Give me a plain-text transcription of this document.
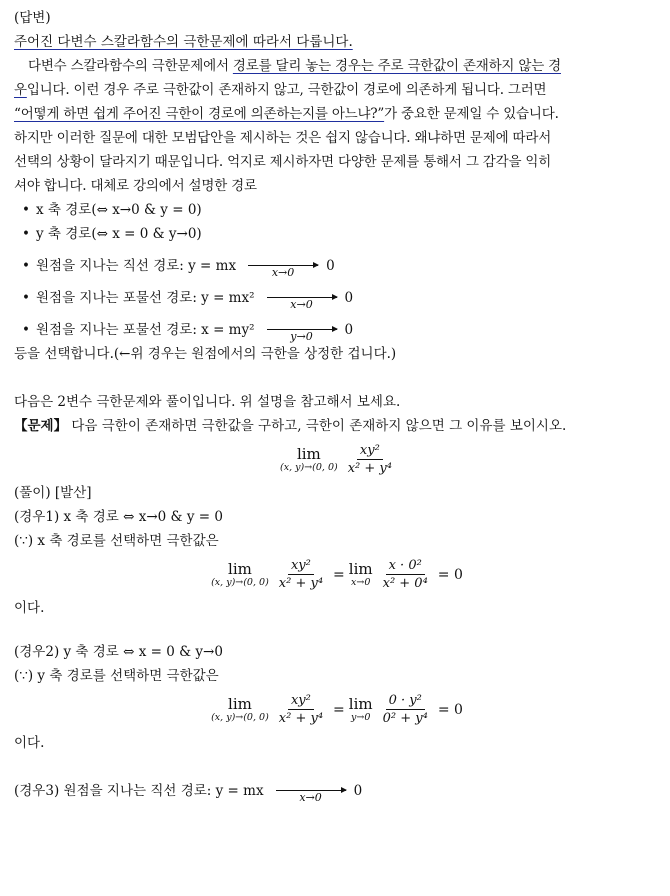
(답변)

주어진 다변수 스칼라함수의 극한문제에 따라서 다룹니다.

다변수 스칼라함수의 극한문제에서 경로를 달리 놓는 경우는 주로 극한값이 존재하지 않는 경

우입니다. 이런 경우 주로 극한값이 존재하지 않고, 극한값이 경로에 의존하게 됩니다. 그러면

“어떻게 하면 쉽게 주어진 극한이 경로에 의존하는지를 아느냐?”가 중요한 문제일 수 있습니다.

하지만 이러한 질문에 대한 모범답안을 제시하는 것은 쉽지 않습니다. 왜냐하면 문제에 따라서

선택의 상황이 달라지기 때문입니다. 억지로 제시하자면 다양한 문제를 통해서 그 감각을 익히

셔야 합니다. 대체로 강의에서 설명한 경로

• x 축 경로(⇔ x→0 & y = 0)
• y 축 경로(⇔ x = 0 & y→0)
• 원점을 지나는 직선 경로: y = mx	x→0 0
• 원점을 지나는 포물선 경로: y = mx²	x→0 0
• 원점을 지나는 포물선 경로: x = my²	y→0 0

등을 선택합니다.(←위 경우는 원점에서의 극한을 상정한 겁니다.)

다음은 2변수 극한문제와 풀이입니다. 위 설명을 참고해서 보세요.

【문제】 다음 극한이 존재하면 극한값을 구하고, 극한이 존재하지 않으면 그 이유를 보이시오.

lim
(x, y)→(0, $0) \frac{\text{xy²}}{\text{x² + y⁴}}$

(풀이) [발산]

(경우1) x 축 경로 ⇔ x→0 & y = 0

(∵) x 축 경로를 선택하면 극한값은

lim
(x, y)→(0, $0) \frac{\text{xy²}}{\text{x² + y⁴}} = \lim$
$x\to 0 \frac{\text{x · 0²}}{\text{x² + 0⁴}} = 0$

이다.

(경우2) y 축 경로 ⇔ x = 0 & y→0

(∵) y 축 경로를 선택하면 극한값은

lim
(x, y)→(0, $0) \frac{\text{xy²}}{\text{x² + y⁴}} = \lim$
$y\to 0 \frac{\text{0 · y²}}{\text{0² + y⁴}} = 0$

이다.

(경우3) 원점을 지나는 직선 경로: y = mx	x→0 0
